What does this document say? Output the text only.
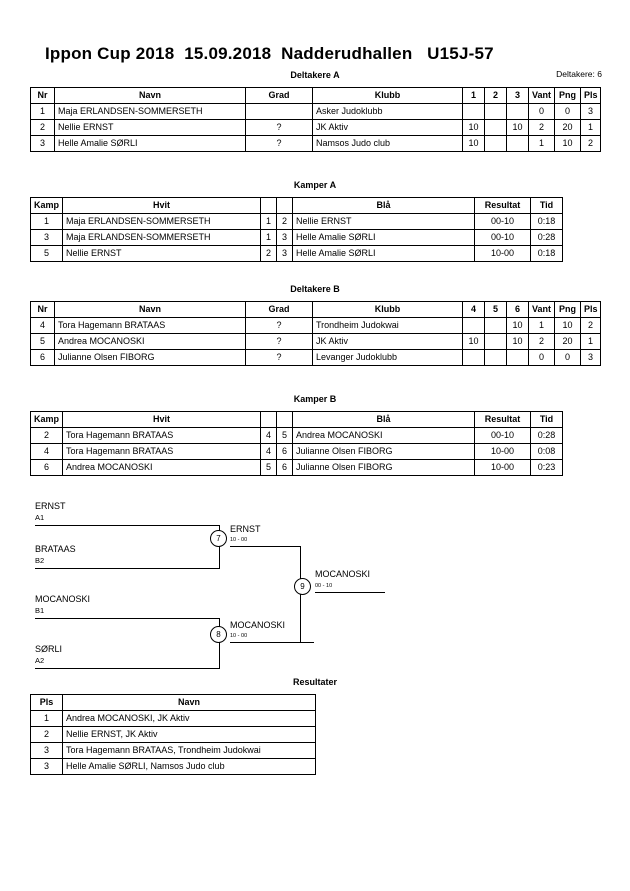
Ippon Cup 2018  15.09.2018  Nadderudhallen   U15J-57
Deltakere: 6
Deltakere A
Nr	Navn	Grad	Klubb	1	2	3	Vant	Png	Pls
1	Maja ERLANDSEN-SOMMERSETH		Asker Judoklubb				0	0	3
2	Nellie ERNST	?	JK Aktiv	10		10	2	20	1
3	Helle Amalie SØRLI	?	Namsos Judo club	10			1	10	2
Kamper A
Kamp	Hvit			Blå	Resultat	Tid
1	Maja ERLANDSEN-SOMMERSETH	1	2	Nellie ERNST	00-10	0:18
3	Maja ERLANDSEN-SOMMERSETH	1	3	Helle Amalie SØRLI	00-10	0:28
5	Nellie ERNST	2	3	Helle Amalie SØRLI	10-00	0:18
Deltakere B
Nr	Navn	Grad	Klubb	4	5	6	Vant	Png	Pls
4	Tora Hagemann BRATAAS	?	Trondheim Judokwai			10	1	10	2
5	Andrea MOCANOSKI	?	JK Aktiv	10		10	2	20	1
6	Julianne Olsen FIBORG	?	Levanger Judoklubb				0	0	3
Kamper B
Kamp	Hvit			Blå	Resultat	Tid
2	Tora Hagemann BRATAAS	4	5	Andrea MOCANOSKI	00-10	0:28
4	Tora Hagemann BRATAAS	4	6	Julianne Olsen FIBORG	10-00	0:08
6	Andrea MOCANOSKI	5	6	Julianne Olsen FIBORG	10-00	0:23
ERNST
A1
BRATAAS
B2
7
ERNST
10 - 00
MOCANOSKI
B1
SØRLI
A2
8
MOCANOSKI
10 - 00
9
MOCANOSKI
00 - 10
Resultater
Pls	Navn
1	Andrea MOCANOSKI, JK Aktiv
2	Nellie ERNST, JK Aktiv
3	Tora Hagemann BRATAAS, Trondheim Judokwai
3	Helle Amalie SØRLI, Namsos Judo club
